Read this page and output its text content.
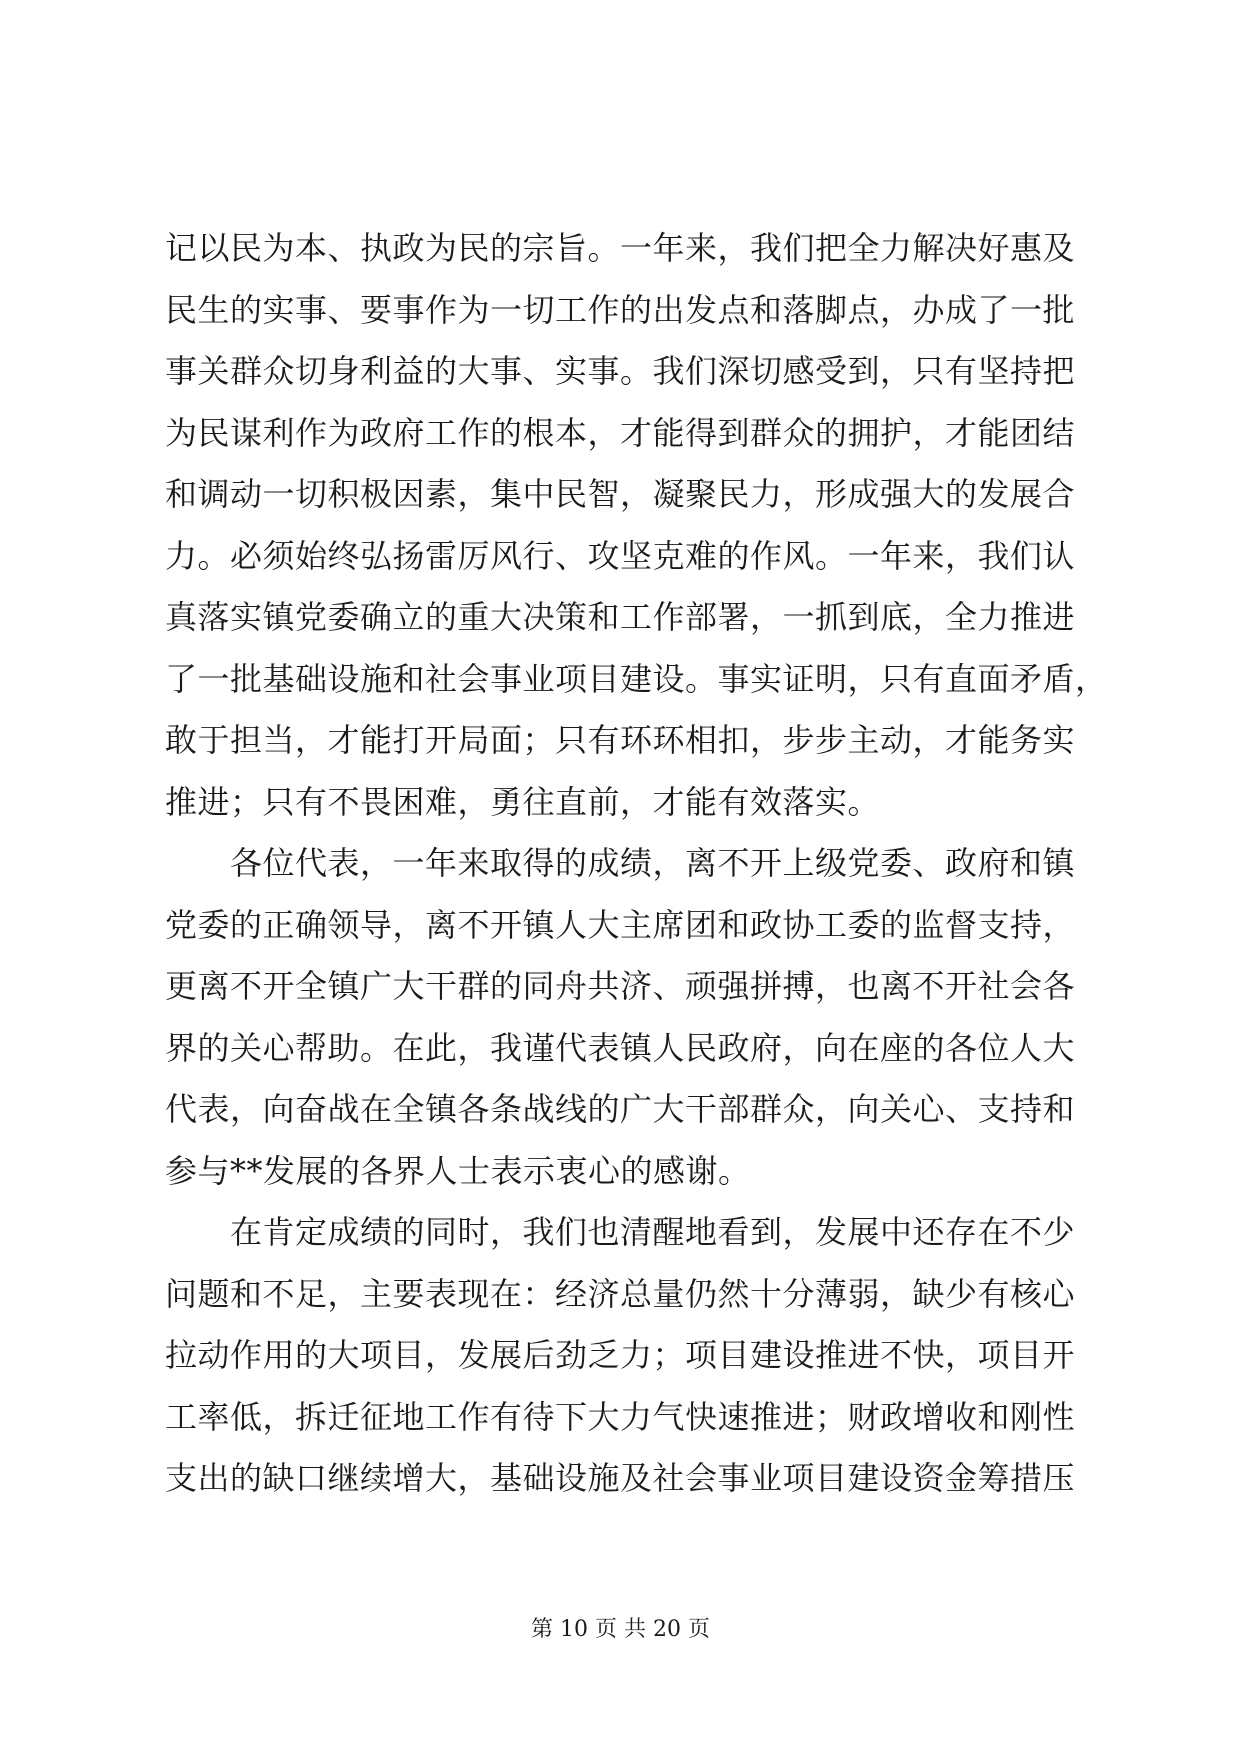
记以民为本、执政为民的宗旨。一年来，我们把全力解决好惠及
民生的实事、要事作为一切工作的出发点和落脚点，办成了一批
事关群众切身利益的大事、实事。我们深切感受到，只有坚持把
为民谋利作为政府工作的根本，才能得到群众的拥护，才能团结
和调动一切积极因素，集中民智，凝聚民力，形成强大的发展合
力。必须始终弘扬雷厉风行、攻坚克难的作风。一年来，我们认
真落实镇党委确立的重大决策和工作部署，一抓到底，全力推进
了一批基础设施和社会事业项目建设。事实证明，只有直面矛盾，
敢于担当，才能打开局面；只有环环相扣，步步主动，才能务实
推进；只有不畏困难，勇往直前，才能有效落实。
　　各位代表，一年来取得的成绩，离不开上级党委、政府和镇
党委的正确领导，离不开镇人大主席团和政协工委的监督支持，
更离不开全镇广大干群的同舟共济、顽强拼搏，也离不开社会各
界的关心帮助。在此，我谨代表镇人民政府，向在座的各位人大
代表，向奋战在全镇各条战线的广大干部群众，向关心、支持和
参与**发展的各界人士表示衷心的感谢。
　　在肯定成绩的同时，我们也清醒地看到，发展中还存在不少
问题和不足，主要表现在：经济总量仍然十分薄弱，缺少有核心
拉动作用的大项目，发展后劲乏力；项目建设推进不快，项目开
工率低，拆迁征地工作有待下大力气快速推进；财政增收和刚性
支出的缺口继续增大，基础设施及社会事业项目建设资金筹措压
第 10 页 共 20 页
